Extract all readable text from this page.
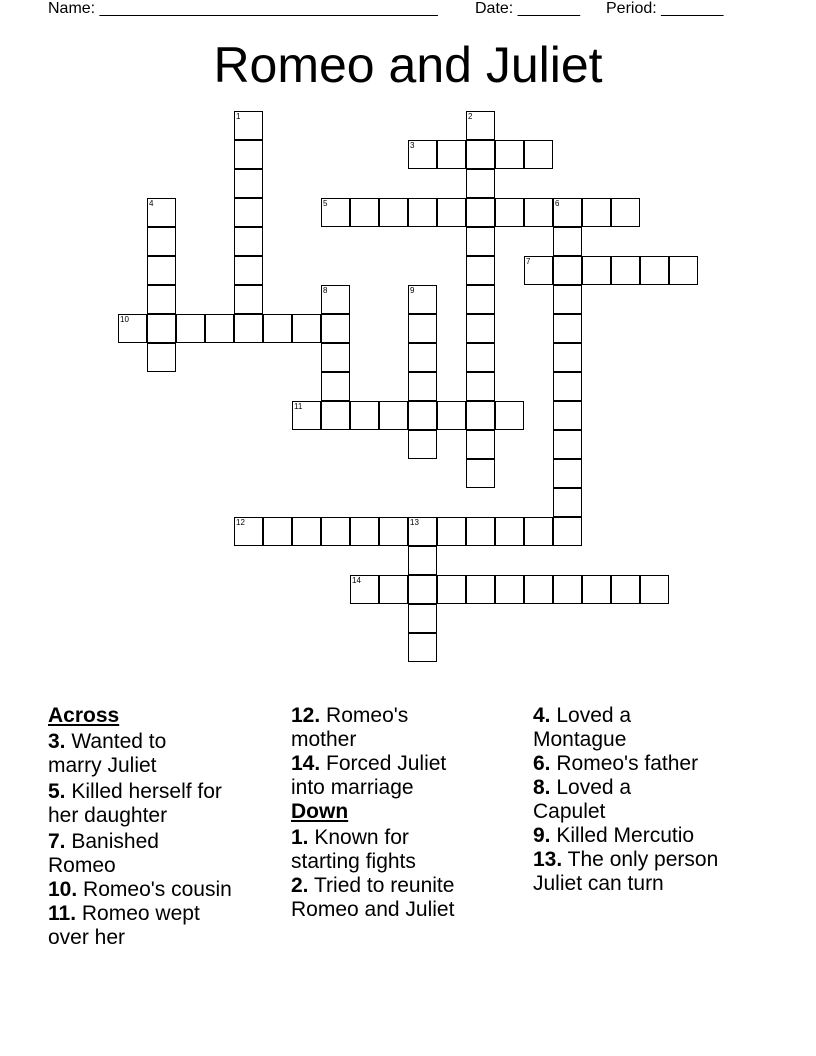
Name: ______________________________________ Date: _______ Period: _______
Romeo and Juliet
1	2
3
4	5	6
7
8	9
10
11
12	13
14
Across
3. Wanted to
marry Juliet
5. Killed herself for
her daughter
7. Banished
Romeo
10. Romeo's cousin
11. Romeo wept
over her
12. Romeo's
mother
14. Forced Juliet
into marriage
Down
1. Known for
starting fights
2. Tried to reunite
Romeo and Juliet
4. Loved a
Montague
6. Romeo's father
8. Loved a
Capulet
9. Killed Mercutio
13. The only person
Juliet can turn
